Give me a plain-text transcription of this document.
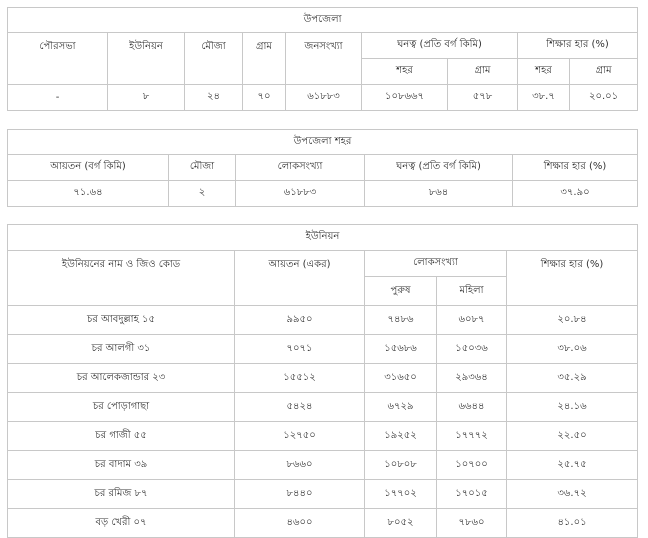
উপজেলা								
পৌরসভা	ইউনিয়ন	মৌজা	গ্রাম	জনসংখ্যা	ঘনত্ব (প্রতি বর্গ কিমি)		শিক্ষার হার (%)	
					শহর	গ্রাম	শহর	গ্রাম
-	৮	২৪	৭০	৬১৮৮৩	১০৮৬৬৭	৫৭৮	৩৮.৭	২০.০১
উপজেলা শহর				
আয়তন (বর্গ কিমি)	মৌজা	লোকসংখ্যা	ঘনত্ব (প্রতি বর্গ কিমি)	শিক্ষার হার (%)
৭১.৬৪	২	৬১৮৮৩	৮৬৪	৩৭.৯০
ইউনিয়ন				
ইউনিয়নের নাম ও জিও কোড	আয়তন (একর)	লোকসংখ্যা		শিক্ষার হার (%)
		পুরুষ	মহিলা	
চর আবদুল্লাহ ১৫	৯৯৫০	৭৪৮৬	৬০৮৭	২০.৮৪
চর আলগী ৩১	৭০৭১	১৫৬৮৬	১৫০৩৬	৩৮.০৬
চর আলেকজান্ডার ২৩	১৫৫১২	৩১৬৫০	২৯৩৬৪	৩৫.২৯
চর পোড়াগাছা	৫৪২৪	৬৭২৯	৬৬৪৪	২৪.১৬
চর গাজী ৫৫	১২৭৫০	১৯২৫২	১৭৭৭২	২২.৫০
চর বাদাম ৩৯	৮৬৬০	১০৮০৮	১০৭০০	২৫.৭৫
চর রমিজ ৮৭	৮৪৪০	১৭৭০২	১৭০১৫	৩৬.৭২
বড় খেরী ০৭	৪৬০০	৮০৫২	৭৮৬০	৪১.০১
